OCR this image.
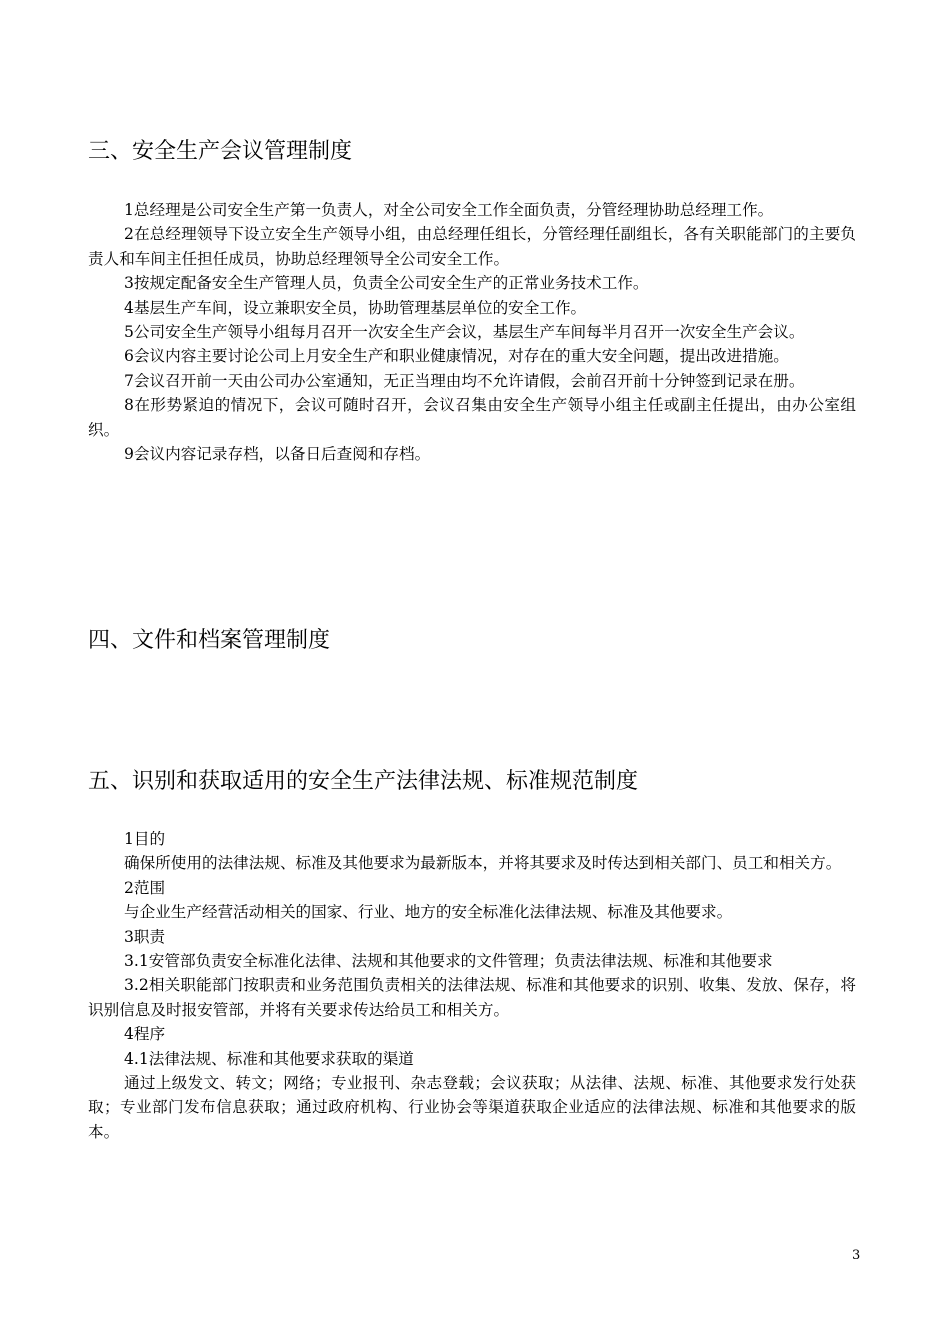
三、安全生产会议管理制度

1总经理是公司安全生产第一负责人，对全公司安全工作全面负责，分管经理协助总经理工作。

2在总经理领导下设立安全生产领导小组，由总经理任组长，分管经理任副组长，各有关职能部门的主要负责人和车间主任担任成员，协助总经理领导全公司安全工作。

3按规定配备安全生产管理人员，负责全公司安全生产的正常业务技术工作。

4基层生产车间，设立兼职安全员，协助管理基层单位的安全工作。

5公司安全生产领导小组每月召开一次安全生产会议，基层生产车间每半月召开一次安全生产会议。

6会议内容主要讨论公司上月安全生产和职业健康情况，对存在的重大安全问题，提出改进措施。

7会议召开前一天由公司办公室通知，无正当理由均不允许请假，会前召开前十分钟签到记录在册。

8在形势紧迫的情况下，会议可随时召开，会议召集由安全生产领导小组主任或副主任提出，由办公室组织。

9会议内容记录存档，以备日后查阅和存档。

四、文件和档案管理制度
五、识别和获取适用的安全生产法律法规、标准规范制度

1目的

确保所使用的法律法规、标准及其他要求为最新版本，并将其要求及时传达到相关部门、员工和相关方。

2范围

与企业生产经营活动相关的国家、行业、地方的安全标准化法律法规、标准及其他要求。

3职责

3.1安管部负责安全标准化法律、法规和其他要求的文件管理；负责法律法规、标准和其他要求

3.2相关职能部门按职责和业务范围负责相关的法律法规、标准和其他要求的识别、收集、发放、保存，将识别信息及时报安管部，并将有关要求传达给员工和相关方。

4程序

4.1法律法规、标准和其他要求获取的渠道

通过上级发文、转文；网络；专业报刊、杂志登载；会议获取；从法律、法规、标准、其他要求发行处获取；专业部门发布信息获取；通过政府机构、行业协会等渠道获取企业适应的法律法规、标准和其他要求的版本。

3
